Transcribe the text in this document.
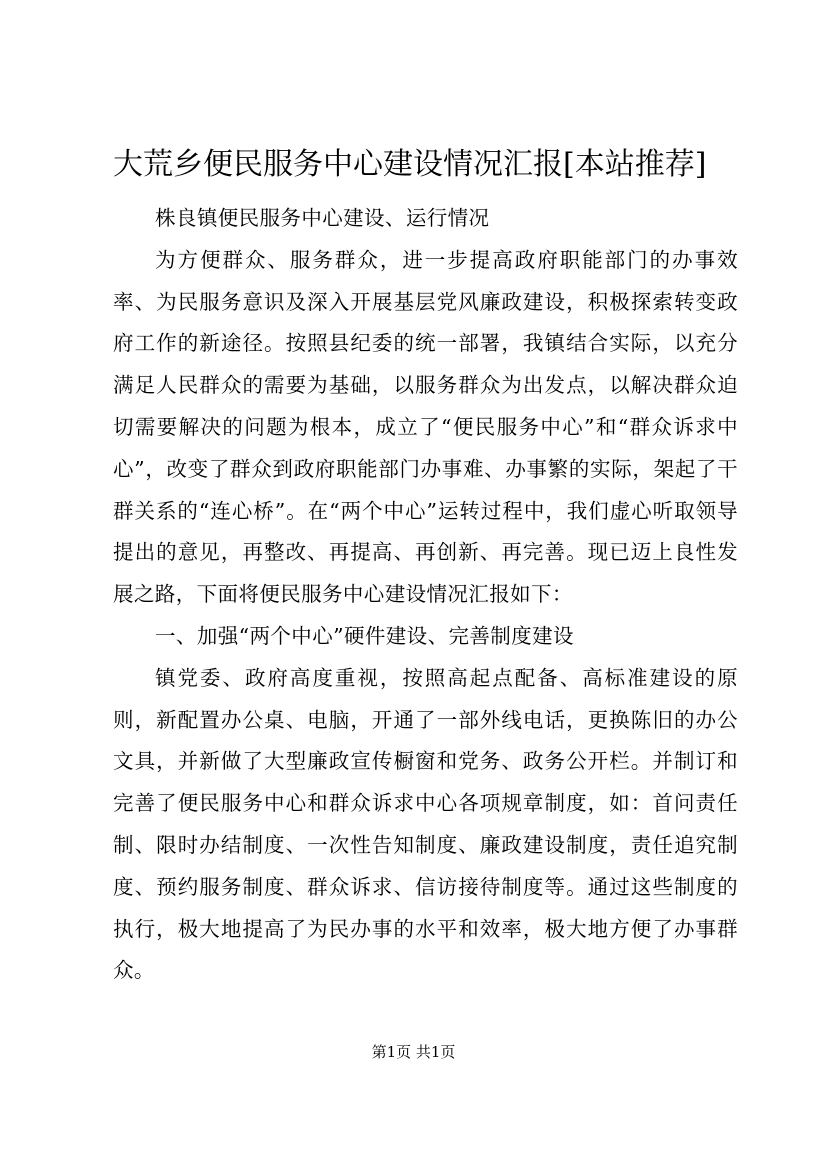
大荒乡便民服务中心建设情况汇报[本站推荐]

株良镇便民服务中心建设、运行情况

为方便群众、服务群众，进一步提高政府职能部门的办事效率、为民服务意识及深入开展基层党风廉政建设，积极探索转变政府工作的新途径。按照县纪委的统一部署，我镇结合实际，以充分满足人民群众的需要为基础，以服务群众为出发点，以解决群众迫切需要解决的问题为根本，成立了“便民服务中心”和“群众诉求中心”，改变了群众到政府职能部门办事难、办事繁的实际，架起了干群关系的“连心桥”。在“两个中心”运转过程中，我们虚心听取领导提出的意见，再整改、再提高、再创新、再完善。现已迈上良性发展之路，下面将便民服务中心建设情况汇报如下：

一、加强“两个中心”硬件建设、完善制度建设

镇党委、政府高度重视，按照高起点配备、高标准建设的原则，新配置办公桌、电脑，开通了一部外线电话，更换陈旧的办公文具，并新做了大型廉政宣传橱窗和党务、政务公开栏。并制订和完善了便民服务中心和群众诉求中心各项规章制度，如：首问责任制、限时办结制度、一次性告知制度、廉政建设制度，责任追究制度、预约服务制度、群众诉求、信访接待制度等。通过这些制度的执行，极大地提高了为民办事的水平和效率，极大地方便了办事群众。

第1页 共1页
